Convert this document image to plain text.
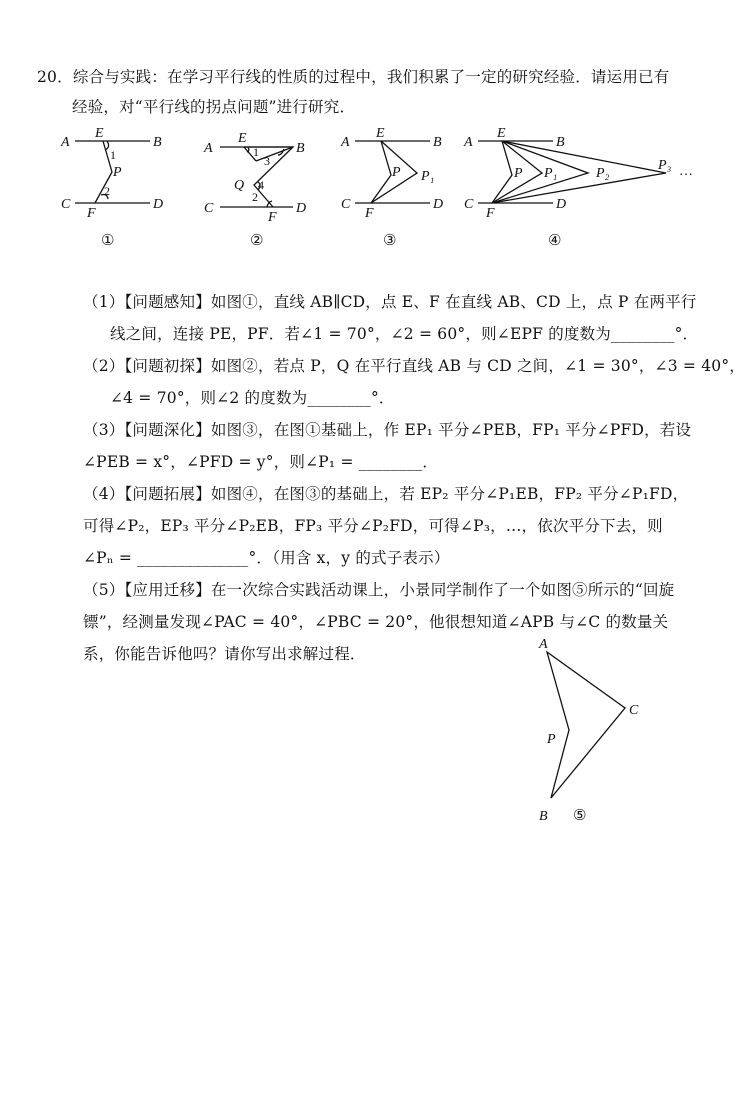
20．综合与实践：在学习平行线的性质的过程中，我们积累了一定的研究经验．请运用已有
经验，对“平行线的拐点问题”进行研究．
A	B
C	D
E
F
P
1
2
①
A	B
C	D
E
F
Q
1
2
3
4
②
A	B
C	D
E
F
P P₁
③
A	B
C	D
E
F
P P₁	P₂
P₃ …
④
（1）【问题感知】如图①，直线 AB∥CD，点 E、F 在直线 AB、CD 上，点 P 在两平行
线之间，连接 PE，PF．若∠1 = 70°，∠2 = 60°，则∠EPF 的度数为________°．
（2）【问题初探】如图②，若点 P，Q 在平行直线 AB 与 CD 之间，∠1 = 30°，∠3 = 40°，
∠4 = 70°，则∠2 的度数为________°．
（3）【问题深化】如图③，在图①基础上，作 EP₁ 平分∠PEB，FP₁ 平分∠PFD，若设
∠PEB = x°，∠PFD = y°，则∠P₁ = ________．
（4）【问题拓展】如图④，在图③的基础上，若 EP₂ 平分∠P₁EB，FP₂ 平分∠P₁FD，
可得∠P₂，EP₃ 平分∠P₂EB，FP₃ 平分∠P₂FD，可得∠P₃，…，依次平分下去，则
∠Pₙ = ______________°．（用含 x，y 的式子表示）
（5）【应用迁移】在一次综合实践活动课上，小景同学制作了一个如图⑤所示的“回旋
镖”，经测量发现∠PAC = 40°，∠PBC = 20°，他很想知道∠APB 与∠C 的数量关
系，你能告诉他吗？请你写出求解过程．
A
C
P
B ⑤
